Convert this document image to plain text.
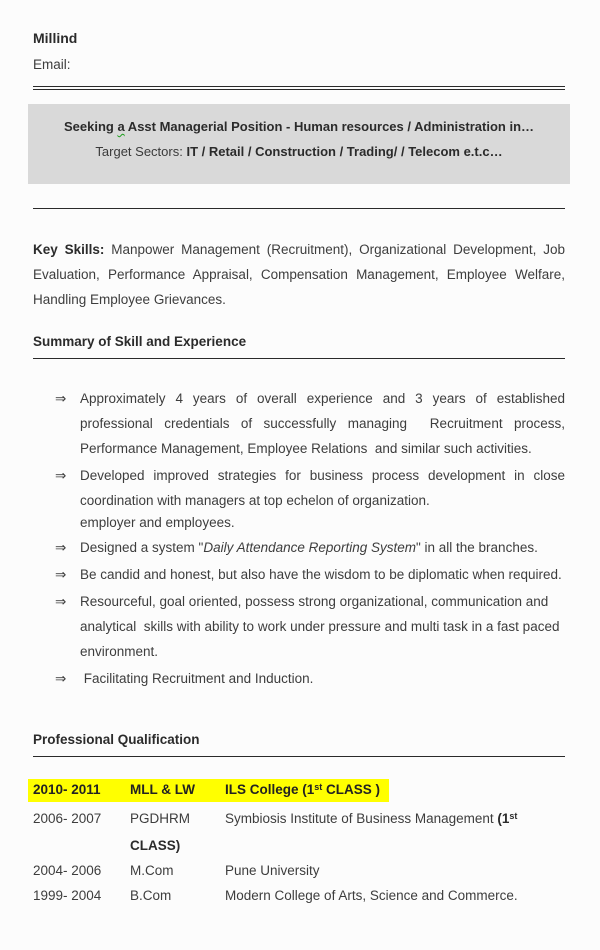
Millind
Email:
Seeking a Asst Managerial Position - Human resources / Administration in…
Target Sectors: IT / Retail / Construction / Trading/ / Telecom e.t.c…
Key Skills: Manpower Management (Recruitment), Organizational Development, Job Evaluation, Performance Appraisal, Compensation Management, Employee Welfare, Handling Employee Grievances.
Summary of Skill and Experience
⇒	Approximately 4 years of overall experience and 3 years of established professional credentials of successfully managing  Recruitment process, Performance Management, Employee Relations  and similar such activities.
⇒	Developed improved strategies for business process development in close coordination with managers at top echelon of organization.
employer and employees.
⇒	Designed a system "Daily Attendance Reporting System" in all the branches.
⇒	Be candid and honest, but also have the wisdom to be diplomatic when required.
⇒	Resourceful, goal oriented, possess strong organizational, communication and analytical  skills with ability to work under pressure and multi task in a fast paced environment.
⇒	Facilitating Recruitment and Induction.
Professional Qualification
2010- 2011	MLL & LW	ILS College (1st CLASS )
2006- 2007	PGDHRM	Symbiosis Institute of Business Management (1st
CLASS)
2004- 2006	M.Com	Pune University
1999- 2004	B.Com	Modern College of Arts, Science and Commerce.
